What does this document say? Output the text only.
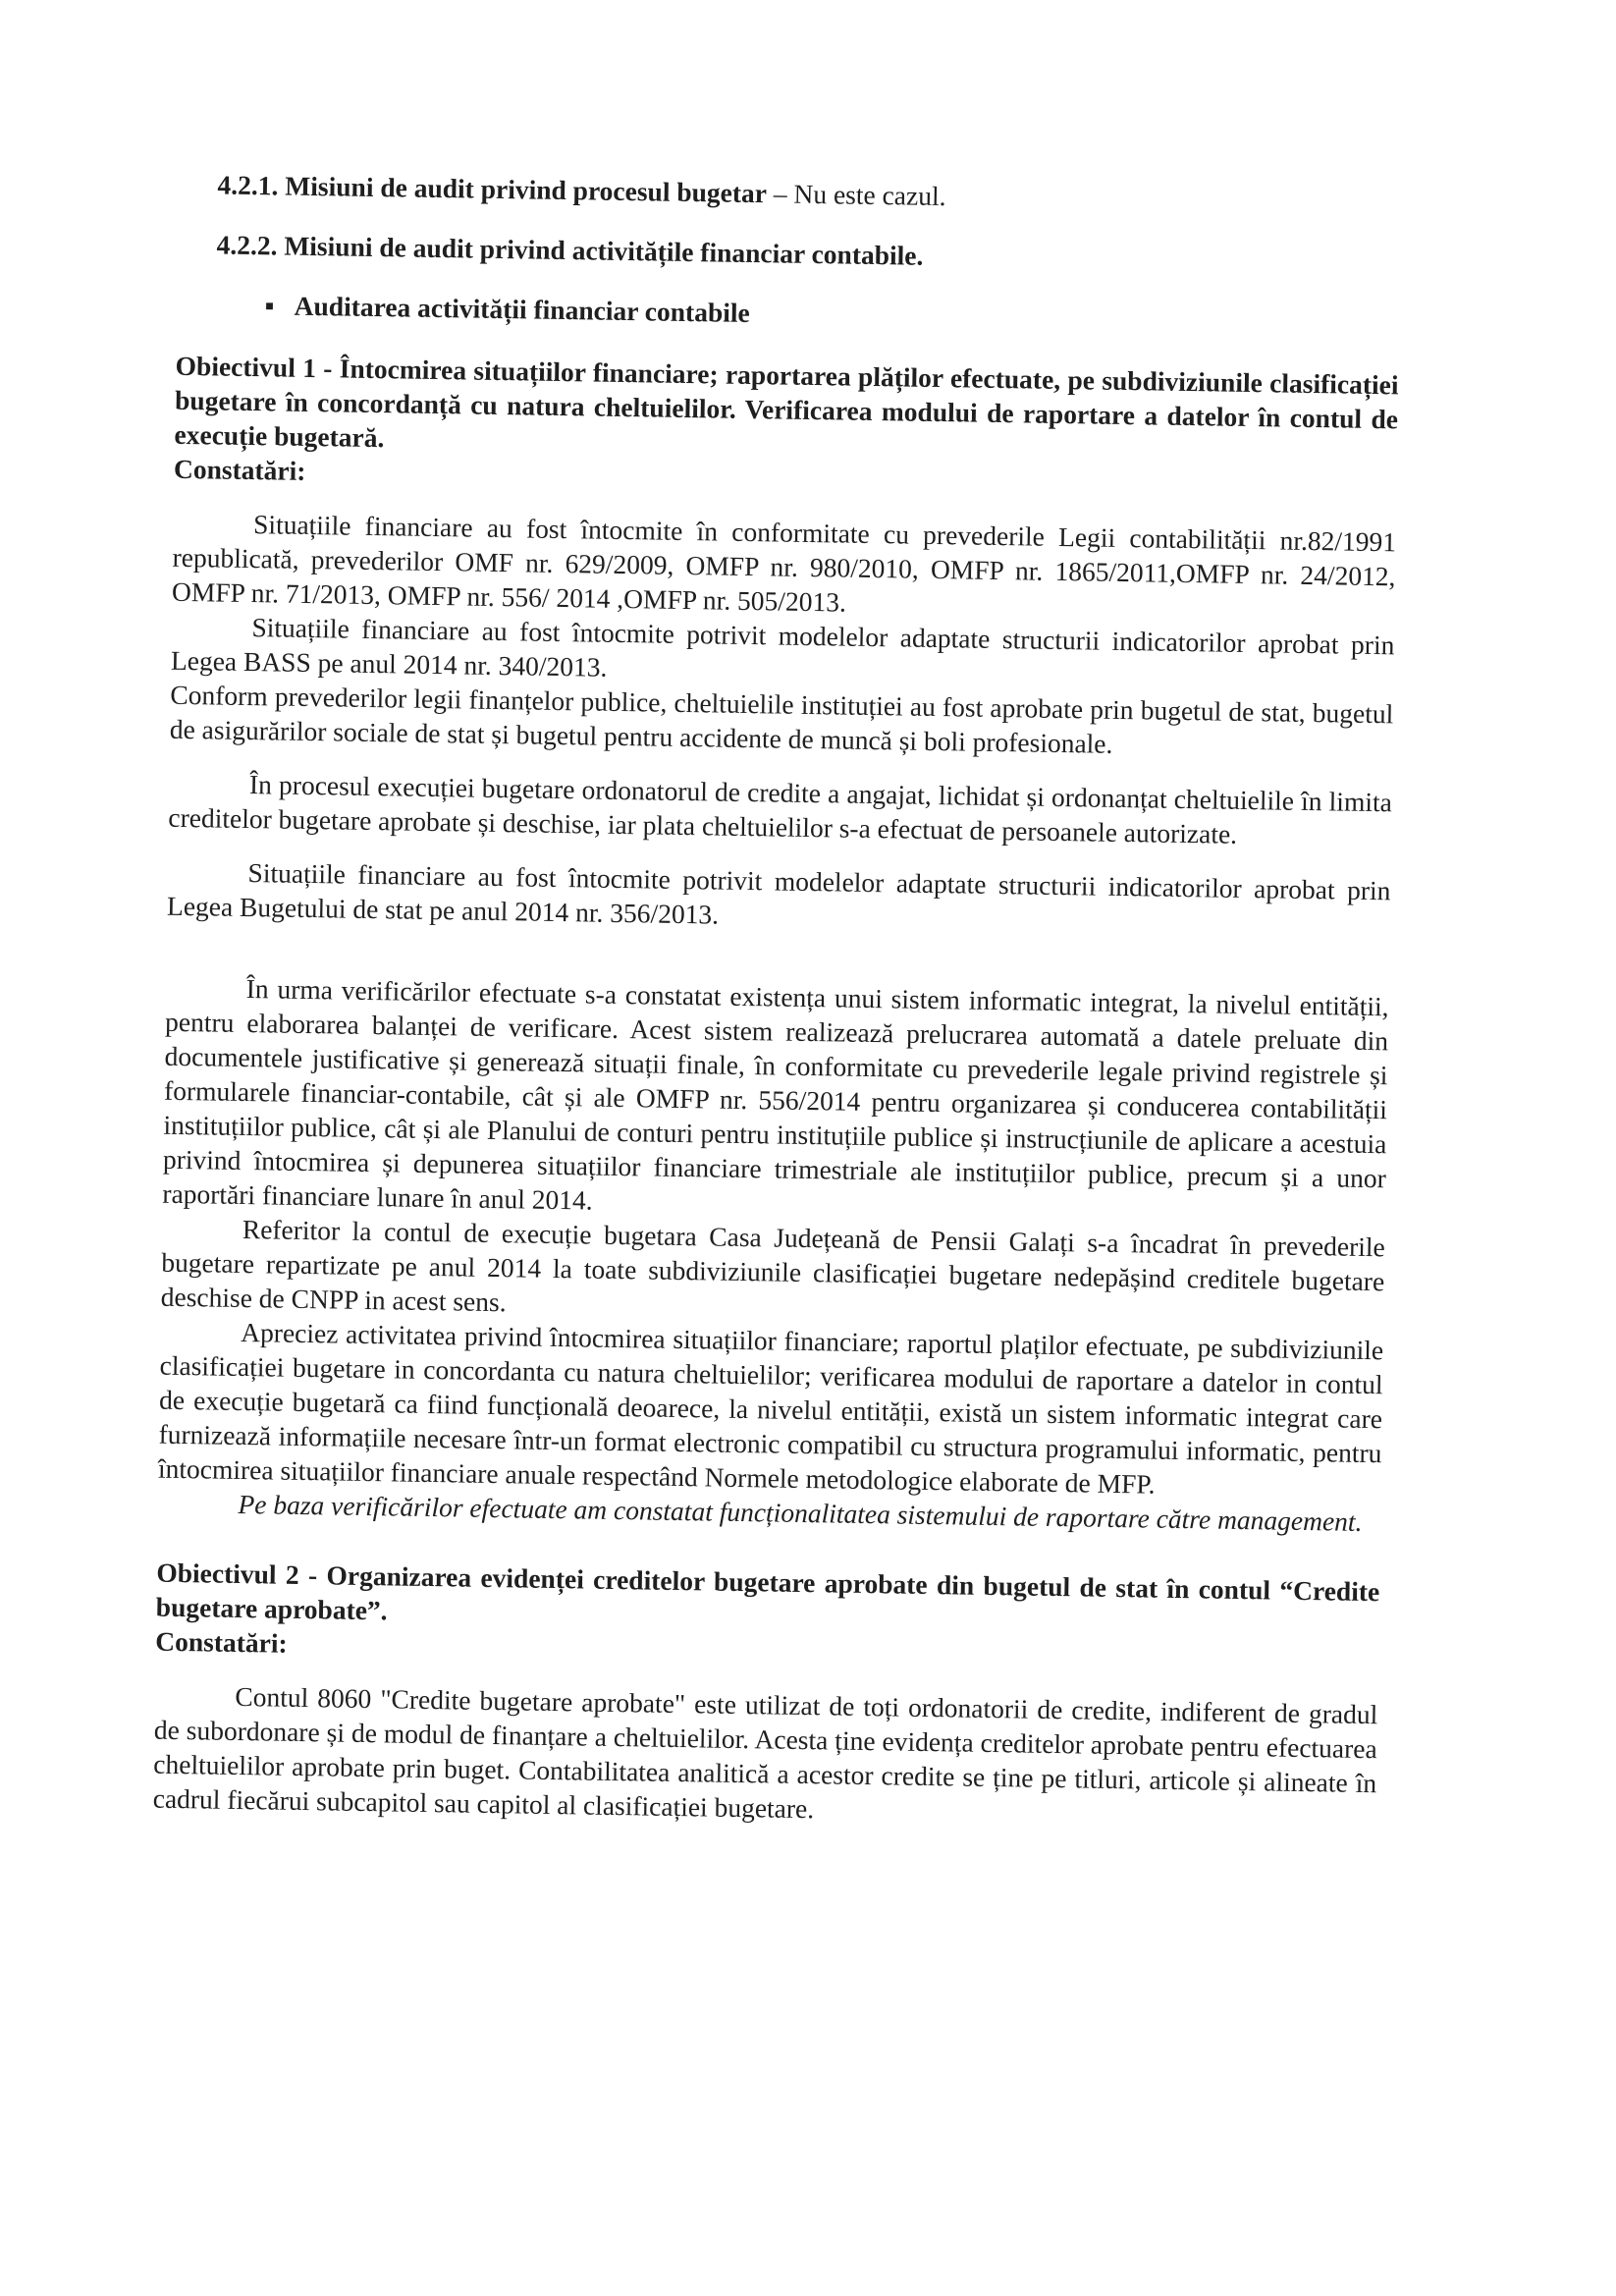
4.2.1. Misiuni de audit privind procesul bugetar – Nu este cazul.
4.2.2. Misiuni de audit privind activitățile financiar contabile.
▪ Auditarea activității financiar contabile
Obiectivul 1 - Întocmirea situațiilor financiare; raportarea plăților efectuate, pe subdiviziunile clasificației bugetare în concordanță cu natura cheltuielilor. Verificarea modului de raportare a datelor în contul de execuție bugetară.
Constatări:

Situațiile financiare au fost întocmite în conformitate cu prevederile Legii contabilității nr.82/1991 republicată, prevederilor OMF nr. 629/2009, OMFP nr. 980/2010, OMFP nr. 1865/2011,OMFP nr. 24/2012, OMFP nr. 71/2013, OMFP nr. 556/ 2014 ,OMFP nr. 505/2013.

Situațiile financiare au fost întocmite potrivit modelelor adaptate structurii indicatorilor aprobat prin Legea BASS pe anul 2014 nr. 340/2013.

Conform prevederilor legii finanțelor publice, cheltuielile instituției au fost aprobate prin bugetul de stat, bugetul de asigurărilor sociale de stat și bugetul pentru accidente de muncă și boli profesionale.

În procesul execuției bugetare ordonatorul de credite a angajat, lichidat și ordonanțat cheltuielile în limita creditelor bugetare aprobate și deschise, iar plata cheltuielilor s-a efectuat de persoanele autorizate.

Situațiile financiare au fost întocmite potrivit modelelor adaptate structurii indicatorilor aprobat prin Legea Bugetului de stat pe anul 2014 nr. 356/2013.

În urma verificărilor efectuate s-a constatat existența unui sistem informatic integrat, la nivelul entității, pentru elaborarea balanței de verificare. Acest sistem realizează prelucrarea automată a datele preluate din documentele justificative și generează situații finale, în conformitate cu prevederile legale privind registrele și formularele financiar-contabile, cât și ale OMFP nr. 556/2014 pentru organizarea și conducerea contabilității instituțiilor publice, cât și ale Planului de conturi pentru instituțiile publice și instrucțiunile de aplicare a acestuia privind întocmirea și depunerea situațiilor financiare trimestriale ale instituțiilor publice, precum și a unor raportări financiare lunare în anul 2014.

Referitor la contul de execuție bugetara Casa Județeană de Pensii Galați s-a încadrat în prevederile bugetare repartizate pe anul 2014 la toate subdiviziunile clasificației bugetare nedepășind creditele bugetare deschise de CNPP in acest sens.

Apreciez activitatea privind întocmirea situațiilor financiare; raportul plaților efectuate, pe subdiviziunile clasificației bugetare in concordanta cu natura cheltuielilor; verificarea modului de raportare a datelor in contul de execuție bugetară ca fiind funcțională deoarece, la nivelul entității, există un sistem informatic integrat care furnizează informațiile necesare într-un format electronic compatibil cu structura programului informatic, pentru întocmirea situațiilor financiare anuale respectând Normele metodologice elaborate de MFP.

Pe baza verificărilor efectuate am constatat funcționalitatea sistemului de raportare către management.

Obiectivul 2 - Organizarea evidenței creditelor bugetare aprobate din bugetul de stat în contul “Credite bugetare aprobate”.
Constatări:

Contul 8060 "Credite bugetare aprobate" este utilizat de toți ordonatorii de credite, indiferent de gradul de subordonare și de modul de finanțare a cheltuielilor. Acesta ține evidența creditelor aprobate pentru efectuarea cheltuielilor aprobate prin buget. Contabilitatea analitică a acestor credite se ține pe titluri, articole și alineate în cadrul fiecărui subcapitol sau capitol al clasificației bugetare.
